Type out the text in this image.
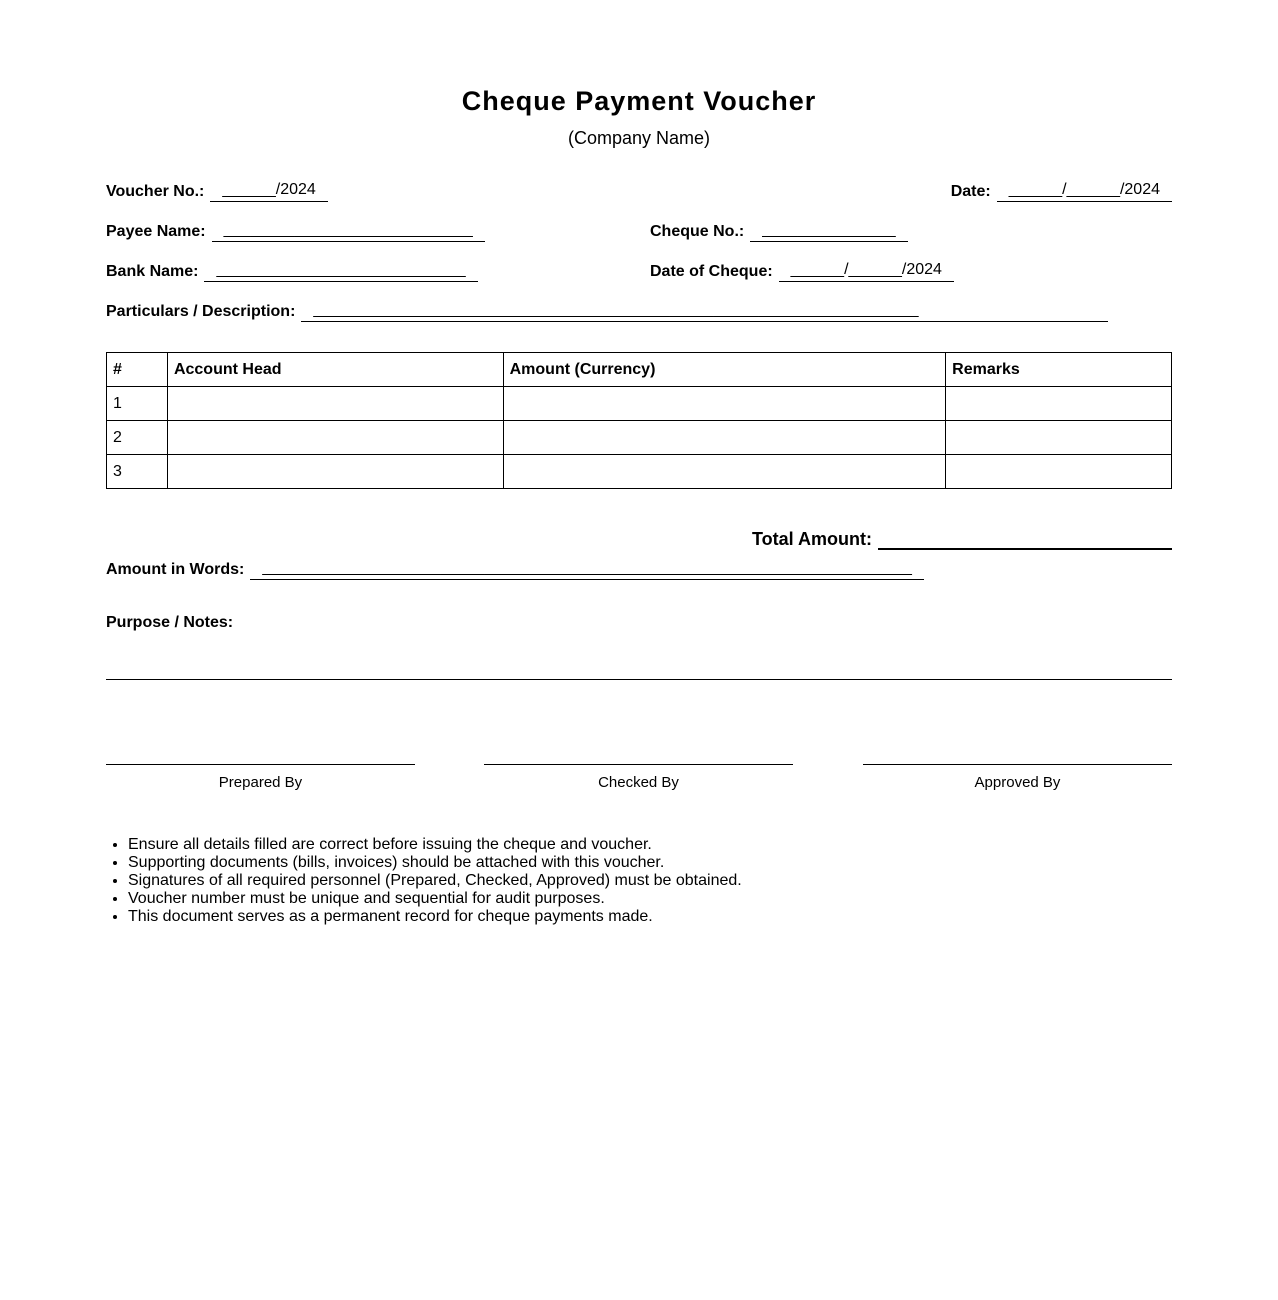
Cheque Payment Voucher
(Company Name)
Voucher No.:	______/2024	Date:	______/______/2024
Payee Name:	____________________________	Cheque No.:	_______________
Bank Name:	____________________________	Date of Cheque:	______/______/2024
Particulars / Description:	____________________________________________________________________
#	Account Head	Amount (Currency)	Remarks
1			
2			
3			
Total Amount:
Amount in Words:	_________________________________________________________________________
Purpose / Notes:
Prepared By	Checked By	Approved By
• Ensure all details filled are correct before issuing the cheque and voucher.
• Supporting documents (bills, invoices) should be attached with this voucher.
• Signatures of all required personnel (Prepared, Checked, Approved) must be obtained.
• Voucher number must be unique and sequential for audit purposes.
• This document serves as a permanent record for cheque payments made.
